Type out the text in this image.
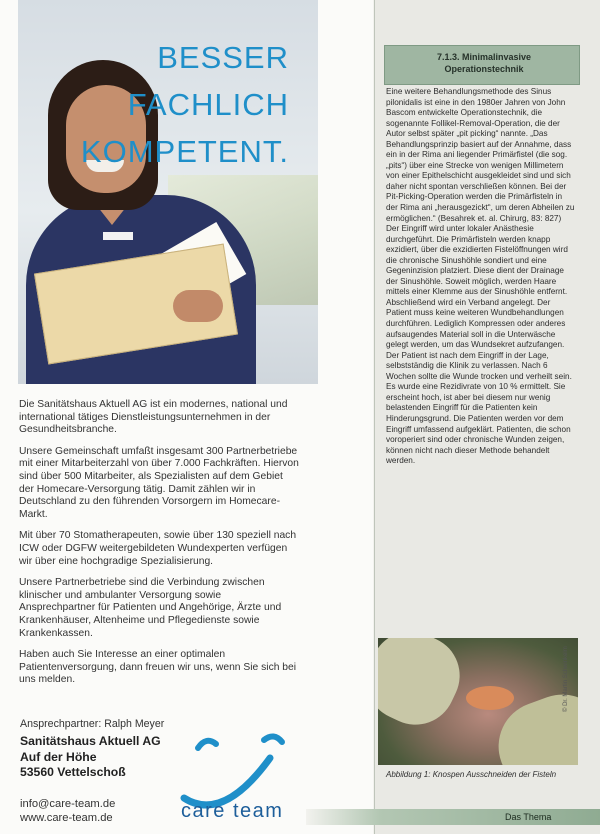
BESSER
FACHLICH
KOMPETENT.

Die Sanitätshaus Aktuell AG ist ein modernes, national und international tätiges Dienstleistungsunternehmen in der Gesundheitsbranche.

Unsere Gemeinschaft umfaßt insgesamt 300 Partnerbetriebe mit einer Mitarbeiterzahl von über 7.000 Fachkräften. Hiervon sind über 500 Mitarbeiter, als Spezialisten auf dem Gebiet der Homecare-Versorgung tätig. Damit zählen wir in Deutschland zu den führenden Vorsorgern im Homecare-Markt.

Mit über 70 Stomatherapeuten, sowie über 130 speziell nach ICW oder DGFW weitergebildeten Wundexperten verfügen wir über eine hochgradige Spezialisierung.

Unsere Partnerbetriebe sind die Verbindung zwischen klinischer und ambulanter Versorgung sowie Ansprechpartner für Patienten und Angehörige, Ärzte und Krankenhäuser, Altenheime und Pflegedienste sowie Krankenkassen.

Haben auch Sie Interesse an einer optimalen Patientenversorgung, dann freuen wir uns, wenn Sie sich bei uns melden.

Ansprechpartner: Ralph Meyer
Sanitätshaus Aktuell AG
Auf der Höhe
53560 Vettelschoß
info@care-team.de
www.care-team.de	care team
7.1.3. Minimalinvasive
Operationstechnik

Eine weitere Behandlungsmethode des Sinus pilonidalis ist eine in den 1980er Jahren von John Bascom entwickelte Operationstechnik, die sogenannte Follikel-Removal-Operation, die der Autor selbst später „pit picking“ nannte. „Das Behandlungsprinzip basiert auf der Annahme, dass ein in der Rima ani liegender Primärfistel (die sog. „pits“) über eine Strecke von wenigen Millimetern von einer Epithelschicht ausgekleidet sind und sich daher nicht spontan verschließen können. Bei der Pit-Picking-Operation werden die Primärfisteln in der Rima ani „herausgezickt“, um deren Abheilen zu ermöglichen.“ (Besahrek et. al. Chirurg, 83: 827)

Der Eingriff wird unter lokaler Anästhesie durchgeführt. Die Primärfisteln werden knapp exzidiert, über die exzidierten Fistelöffnungen wird die chronische Sinushöhle sondiert und eine Gegeninzision platziert. Diese dient der Drainage der Sinushöhle. Soweit möglich, werden Haare mittels einer Klemme aus der Sinushöhle entfernt. Abschließend wird ein Verband angelegt. Der Patient muss keine weiteren Wundbehandlungen durchführen. Lediglich Kompressen oder anderes aufsaugendes Material soll in die Unterwäsche gelegt werden, um das Wundsekret aufzufangen. Der Patient ist nach dem Eingriff in der Lage, selbstständig die Klinik zu verlassen. Nach 6 Wochen sollte die Wunde trocken und verheilt sein. Es wurde eine Rezidivrate von 10 % ermittelt. Sie erscheint hoch, ist aber bei diesem nur wenig belastenden Eingriff für die Patienten kein Hinderungsgrund. Die Patienten werden vor dem Eingriff umfassend aufgeklärt. Patienten, die schon voroperiert sind oder chronische Wunden zeigen, können nicht nach dieser Methode behandelt werden.

© Dr. Martin Schwinkelm
Abbildung 1: Knospen Ausschneiden der Fisteln
Das Thema
